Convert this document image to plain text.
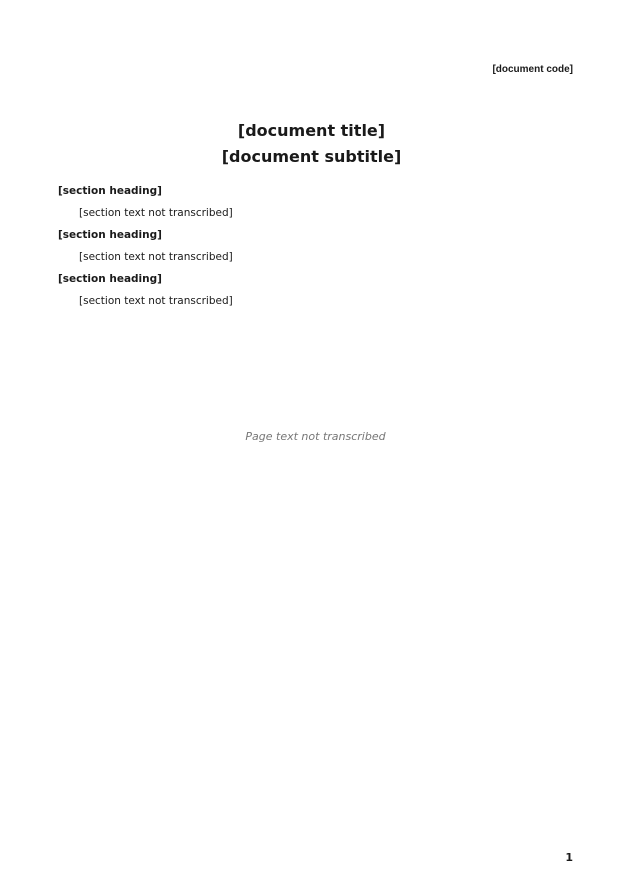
[document code]
[document title]
[document subtitle]
[section heading]
[section text not transcribed]
[section heading]
[section text not transcribed]
[section heading]
[section text not transcribed]
Page text not transcribed
1
